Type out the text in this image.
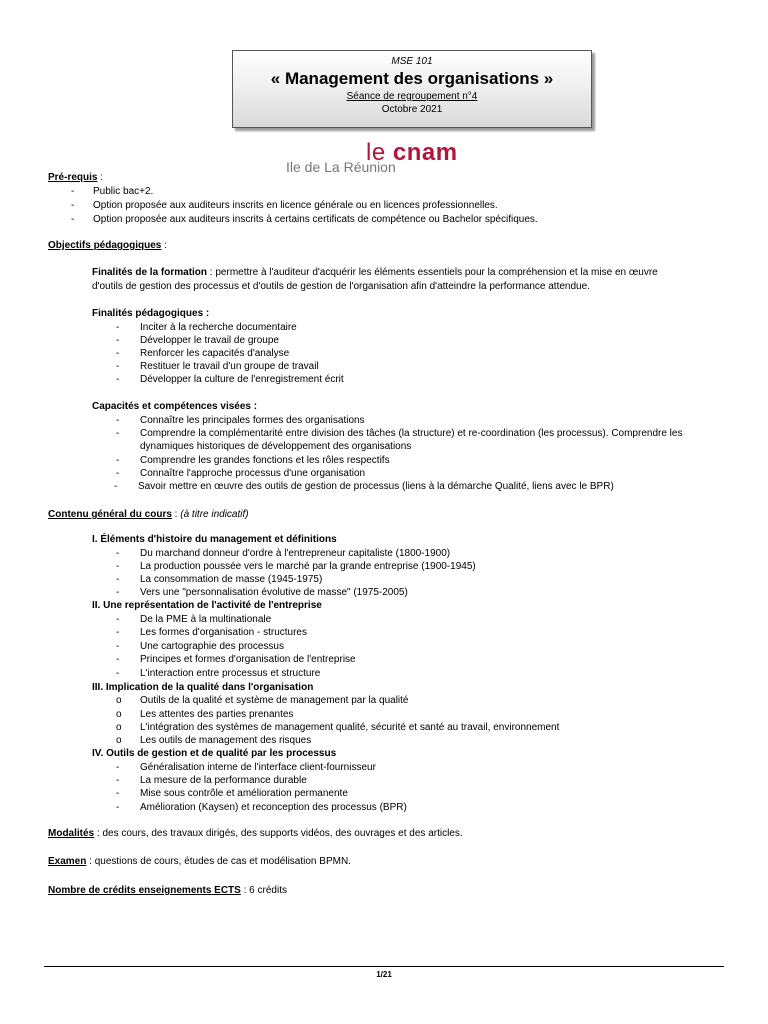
MSE 101
« Management des organisations »
Séance de regroupement n°4
Octobre 2021
le cnam
Ile de La Réunion
Pré-requis :
- Public bac+2.
- Option proposée aux auditeurs inscrits en licence générale ou en licences professionnelles.
- Option proposée aux auditeurs inscrits à certains certificats de compétence ou Bachelor spécifiques.
Objectifs pédagogiques :
Finalités de la formation : permettre à l'auditeur d'acquérir les éléments essentiels pour la compréhension et la mise en œuvre
d'outils de gestion des processus et d'outils de gestion de l'organisation afin d'atteindre la performance attendue.
Finalités pédagogiques :
- Inciter à la recherche documentaire
- Développer le travail de groupe
- Renforcer les capacités d'analyse
- Restituer le travail d'un groupe de travail
- Développer la culture de l'enregistrement écrit
Capacités et compétences visées :
- Connaître les principales formes des organisations
- Comprendre la complémentarité entre division des tâches (la structure) et re-coordination (les processus). Comprendre les
dynamiques historiques de développement des organisations
- Comprendre les grandes fonctions et les rôles respectifs
- Connaître l'approche processus d'une organisation
- Savoir mettre en œuvre des outils de gestion de processus (liens à la démarche Qualité, liens avec le BPR)
Contenu général du cours : (à titre indicatif)
I. Éléments d'histoire du management et définitions
- Du marchand donneur d'ordre à l'entrepreneur capitaliste (1800-1900)
- La production poussée vers le marché par la grande entreprise (1900-1945)
- La consommation de masse (1945-1975)
- Vers une "personnalisation évolutive de masse" (1975-2005)
II. Une représentation de l'activité de l'entreprise
- De la PME à la multinationale
- Les formes d'organisation - structures
- Une cartographie des processus
- Principes et formes d'organisation de l'entreprise
- L'interaction entre processus et structure
III. Implication de la qualité dans l'organisation
o Outils de la qualité et système de management par la qualité
o Les attentes des parties prenantes
o L'intégration des systèmes de management qualité, sécurité et santé au travail, environnement
o Les outils de management des risques
IV. Outils de gestion et de qualité par les processus
- Généralisation interne de l'interface client-fournisseur
- La mesure de la performance durable
- Mise sous contrôle et amélioration permanente
- Amélioration (Kaysen) et reconception des processus (BPR)
Modalités : des cours, des travaux dirigés, des supports vidéos, des ouvrages et des articles.
Examen : questions de cours, études de cas et modélisation BPMN.
Nombre de crédits enseignements ECTS : 6 crédits
1/21
